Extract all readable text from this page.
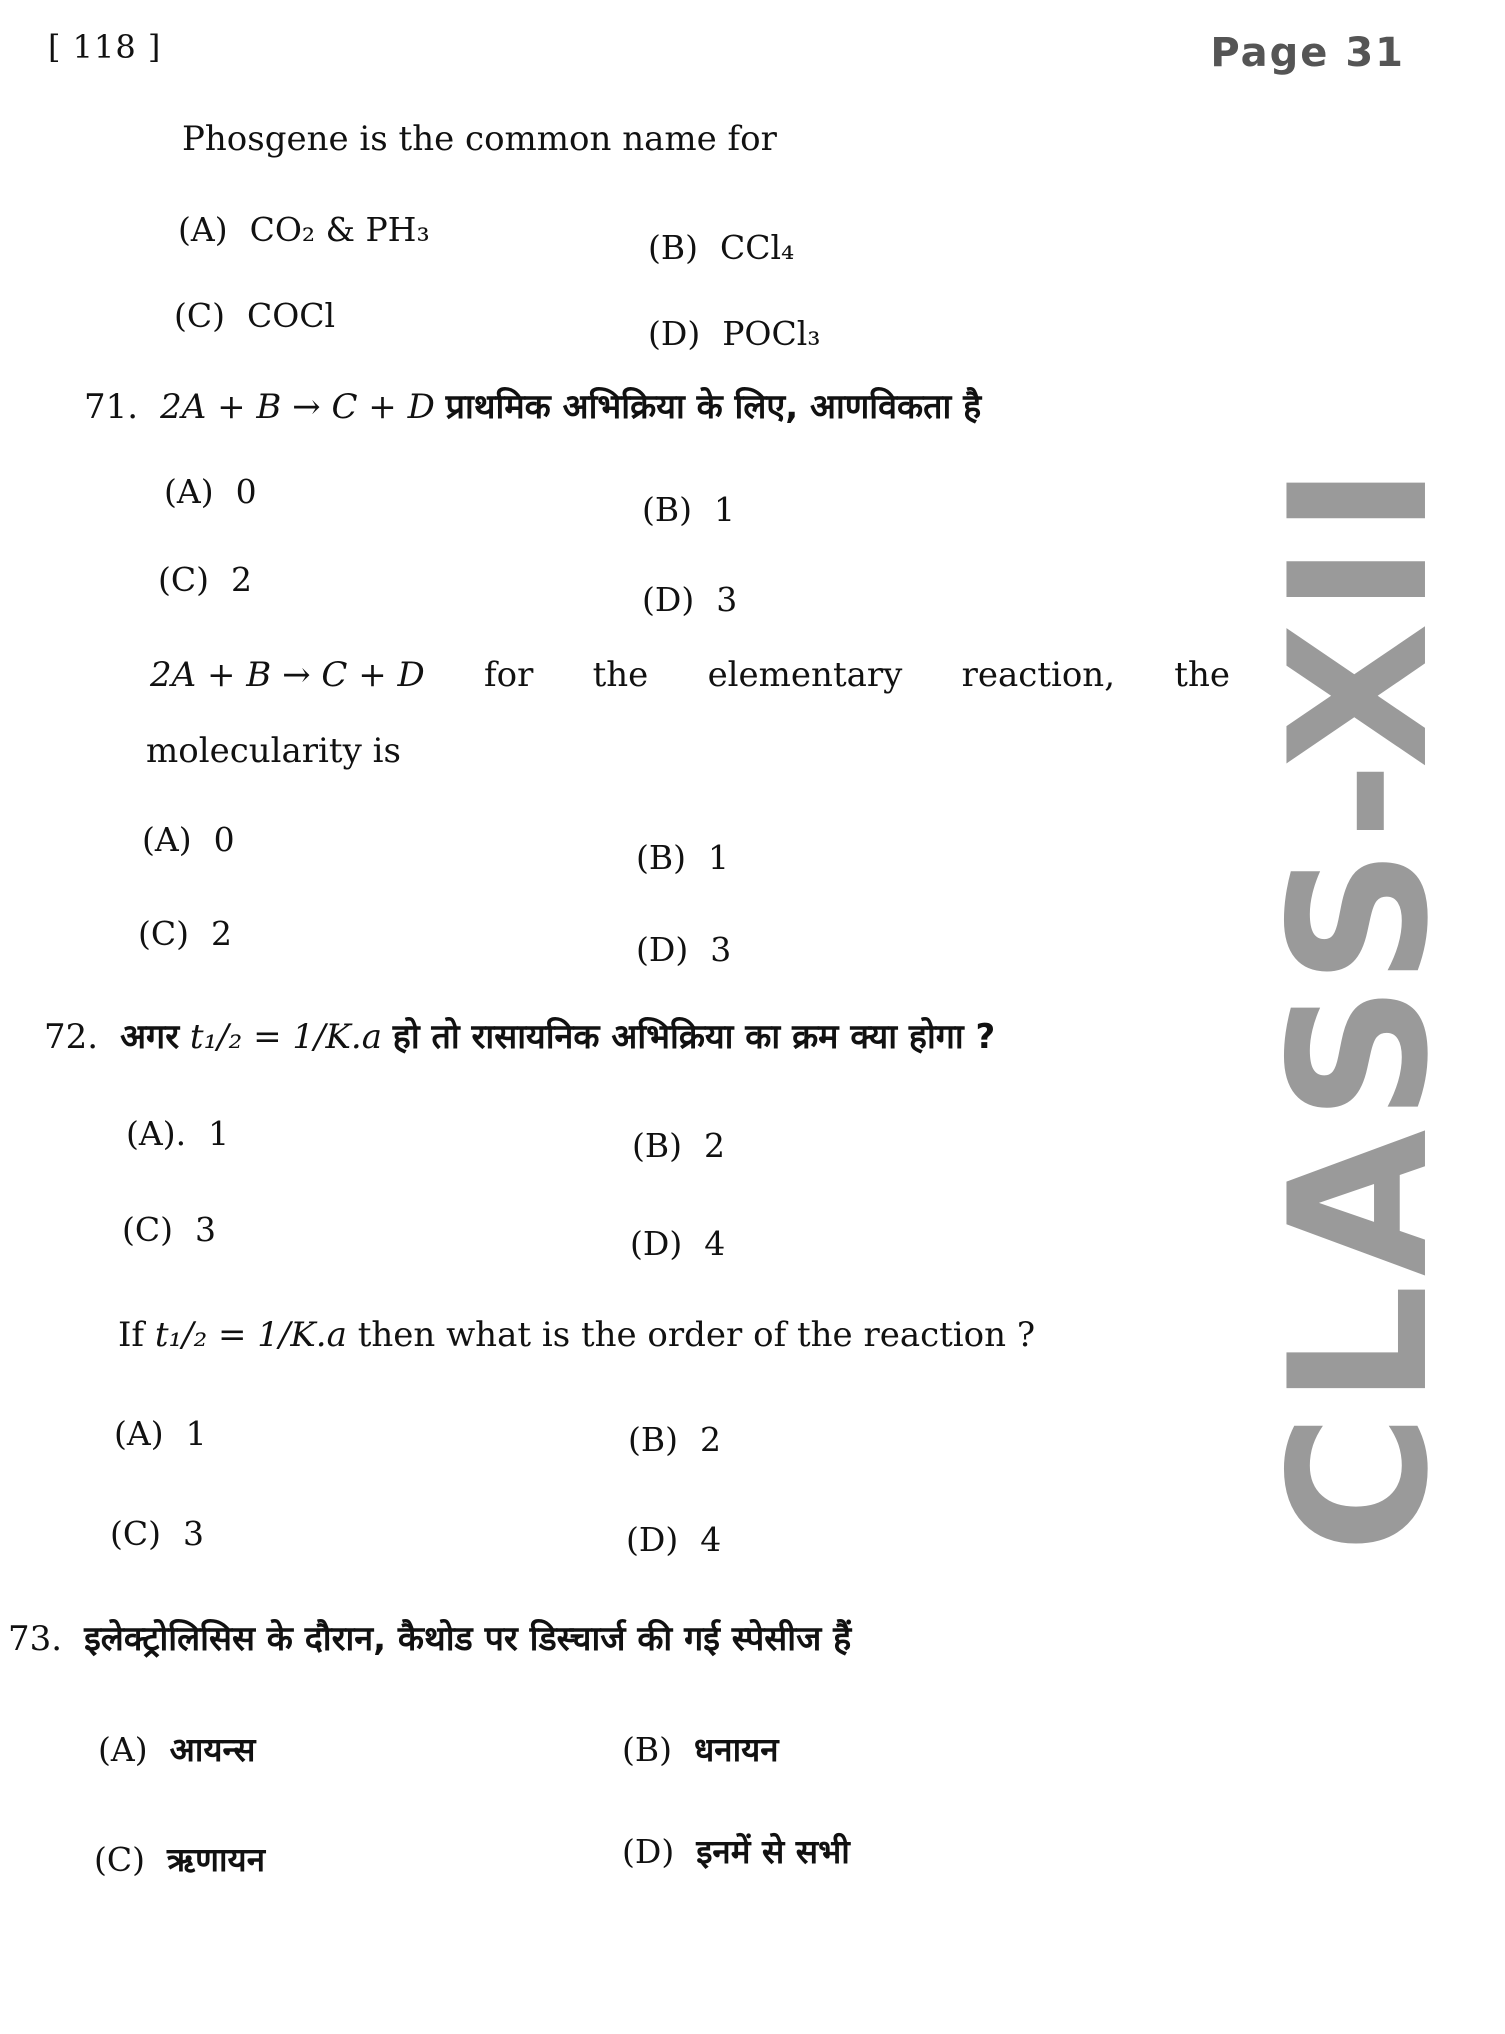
[ 118 ]	Page 31
CLASS-XII
Phosgene is the common name for
(A) CO₂ & PH₃	(B) CCl₄
(C) COCl	(D) POCl₃
71. 2A + B → C + D प्राथमिक अभिक्रिया के लिए, आणविकता है
(A) 0	(B) 1
(C) 2
(D) 3
2A + B → C + D for the elementary reaction, the
molecularity is
(A) 0	(B) 1
(C) 2	(D) 3
72. अगर t₁/₂ = 1/K.a हो तो रासायनिक अभिक्रिया का क्रम क्या होगा ?
(A). 1	(B) 2
(C) 3	(D) 4
If t₁/₂ = 1/K.a then what is the order of the reaction ?
(A) 1	(B) 2
(C) 3	(D) 4
73. इलेक्ट्रोलिसिस के दौरान, कैथोड पर डिस्चार्ज की गई स्पेसीज हैं
(A) आयन्स	(B) धनायन
(C) ऋणायन	(D) इनमें से सभी
